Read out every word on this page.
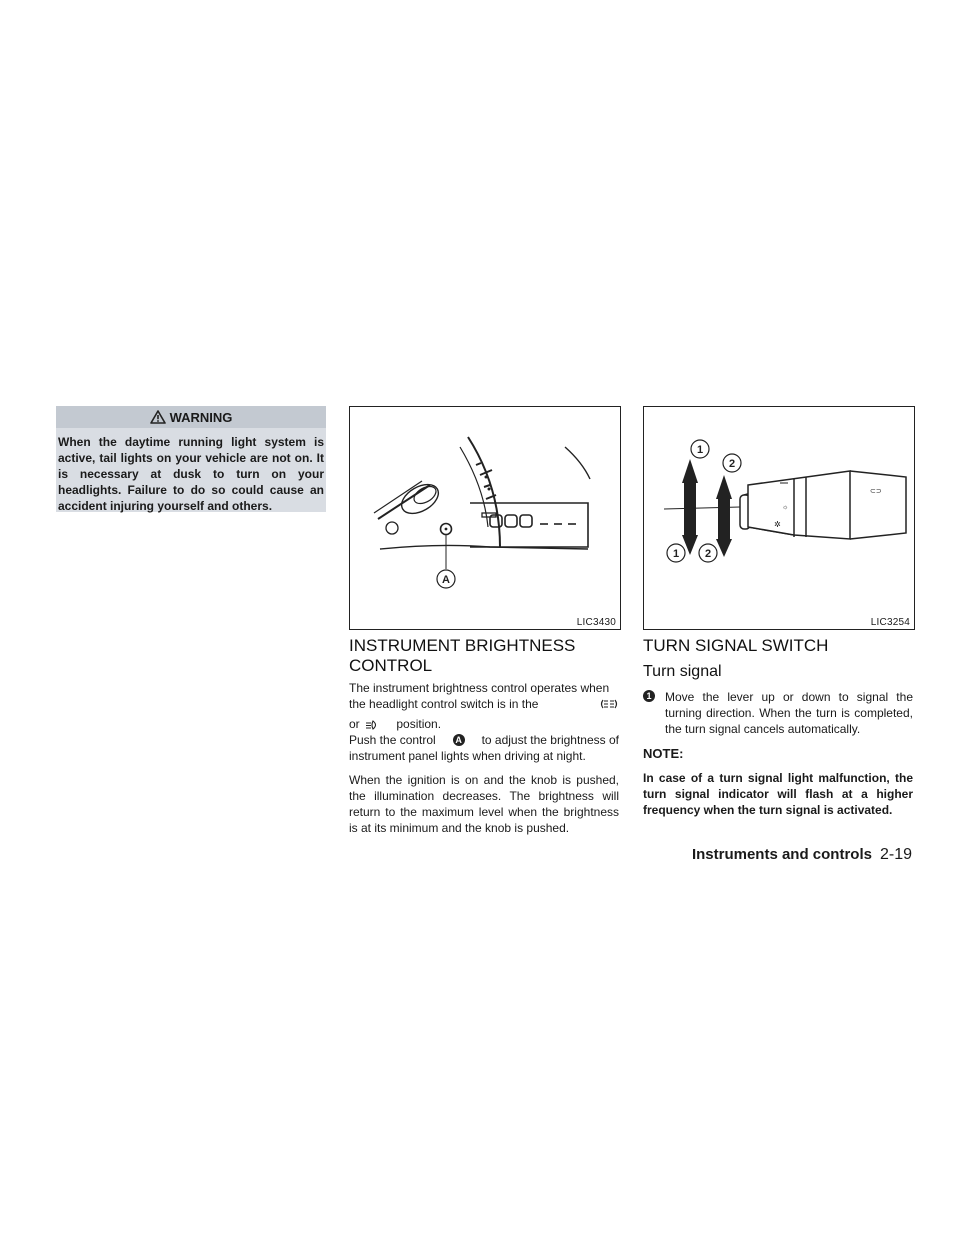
WARNING
When the daytime running light system is active, tail lights on your vehicle are not on. It is necessary at dusk to turn on your headlights. Failure to do so could cause an accident injuring yourself and others.
A
LIC3430
☼
✲
⊂⊃
1
2
1 2
LIC3254
INSTRUMENT BRIGHTNESS
CONTROL
The instrument brightness control operates when
the headlight control switch is in the
or	position.
Push the control	A to adjust the brightness of
instrument panel lights when driving at night.
When the ignition is on and the knob is pushed, the illumination decreases. The brightness will return to the maximum level when the brightness is at its minimum and the knob is pushed.
TURN SIGNAL SWITCH
Turn signal
1 Move the lever up or down to signal the turning direction. When the turn is completed, the turn signal cancels automatically.
NOTE:
In case of a turn signal light malfunction, the turn signal indicator will flash at a higher frequency when the turn signal is activated.
Instruments and controls 2-19
